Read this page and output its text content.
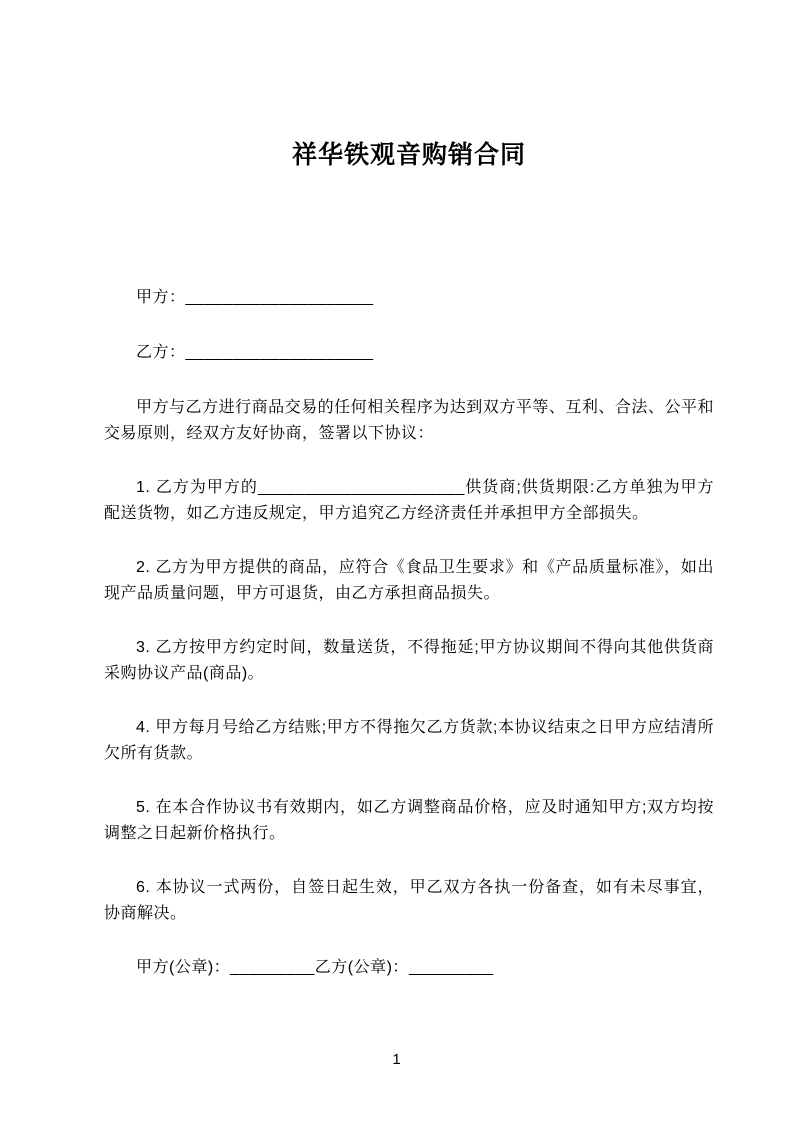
祥华铁观音购销合同

甲方：____________________

乙方：____________________

甲方与乙方进行商品交易的任何相关程序为达到双方平等、互利、合法、公平和交易原则，经双方友好协商，签署以下协议：

1. 乙方为甲方的______________________供货商;供货期限:乙方单独为甲方配送货物，如乙方违反规定，甲方追究乙方经济责任并承担甲方全部损失。

2. 乙方为甲方提供的商品，应符合《食品卫生要求》和《产品质量标准》，如出现产品质量问题，甲方可退货，由乙方承担商品损失。

3. 乙方按甲方约定时间，数量送货，不得拖延;甲方协议期间不得向其他供货商采购协议产品(商品)。

4. 甲方每月号给乙方结账;甲方不得拖欠乙方货款;本协议结束之日甲方应结清所欠所有货款。

5. 在本合作协议书有效期内，如乙方调整商品价格，应及时通知甲方;双方均按调整之日起新价格执行。

6. 本协议一式两份，自签日起生效，甲乙双方各执一份备查，如有未尽事宜，协商解决。

甲方(公章)：_________乙方(公章)：_________

1
